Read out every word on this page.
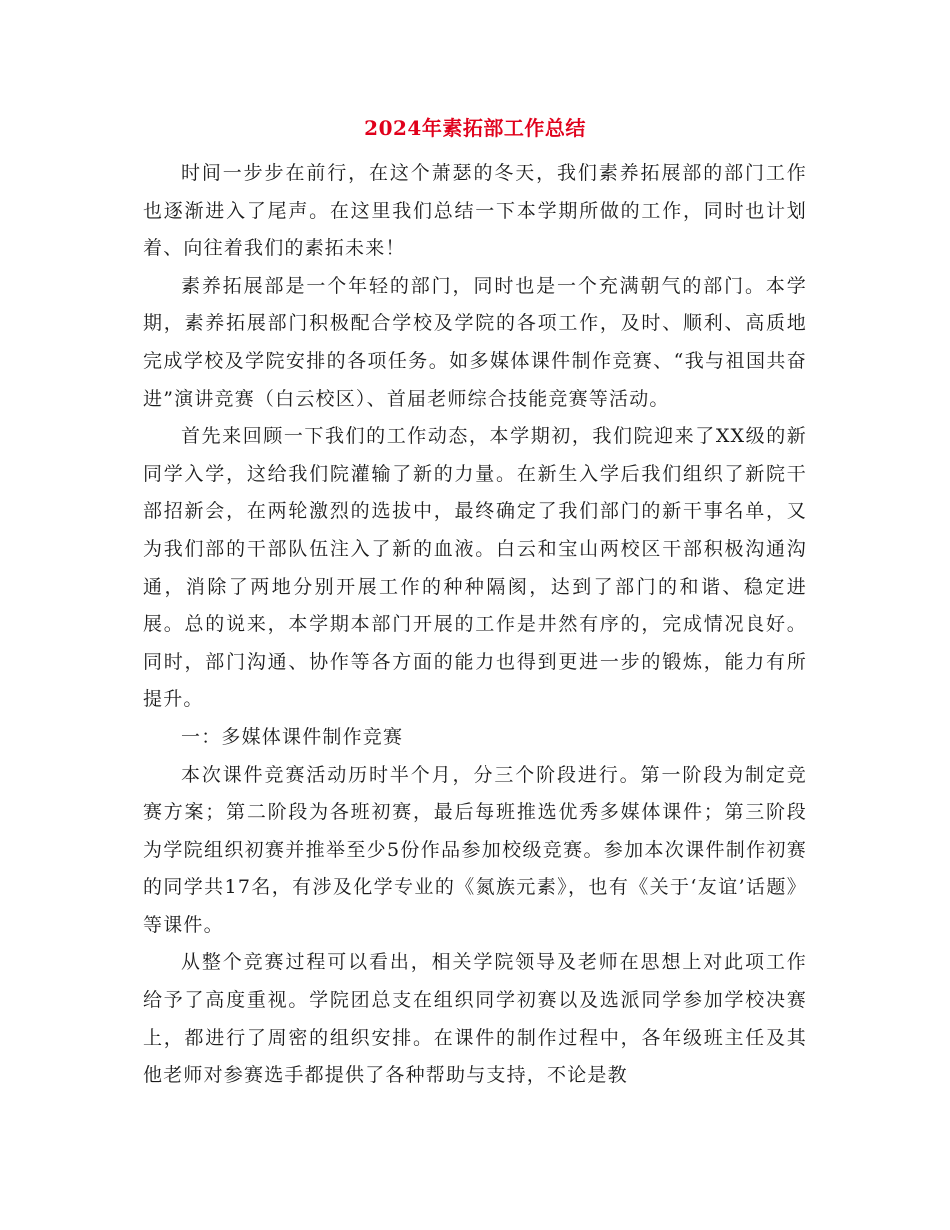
2024年素拓部工作总结

时间一步步在前行，在这个萧瑟的冬天，我们素养拓展部的部门工作也逐渐进入了尾声。在这里我们总结一下本学期所做的工作，同时也计划着、向往着我们的素拓未来！

素养拓展部是一个年轻的部门，同时也是一个充满朝气的部门。本学期，素养拓展部门积极配合学校及学院的各项工作，及时、顺利、高质地完成学校及学院安排的各项任务。如多媒体课件制作竞赛、“我与祖国共奋进”演讲竞赛（白云校区）、首届老师综合技能竞赛等活动。

首先来回顾一下我们的工作动态，本学期初，我们院迎来了XX级的新同学入学，这给我们院灌输了新的力量。在新生入学后我们组织了新院干部招新会，在两轮激烈的选拔中，最终确定了我们部门的新干事名单，又为我们部的干部队伍注入了新的血液。白云和宝山两校区干部积极沟通沟通，消除了两地分别开展工作的种种隔阂，达到了部门的和谐、稳定进展。总的说来，本学期本部门开展的工作是井然有序的，完成情况良好。同时，部门沟通、协作等各方面的能力也得到更进一步的锻炼，能力有所提升。

一：多媒体课件制作竞赛

本次课件竞赛活动历时半个月，分三个阶段进行。第一阶段为制定竞赛方案；第二阶段为各班初赛，最后每班推选优秀多媒体课件；第三阶段为学院组织初赛并推举至少5份作品参加校级竞赛。参加本次课件制作初赛的同学共17名，有涉及化学专业的《氮族元素》，也有《关于‘友谊’话题》等课件。

从整个竞赛过程可以看出，相关学院领导及老师在思想上对此项工作给予了高度重视。学院团总支在组织同学初赛以及选派同学参加学校决赛上，都进行了周密的组织安排。在课件的制作过程中，各年级班主任及其他老师对参赛选手都提供了各种帮助与支持，不论是教
